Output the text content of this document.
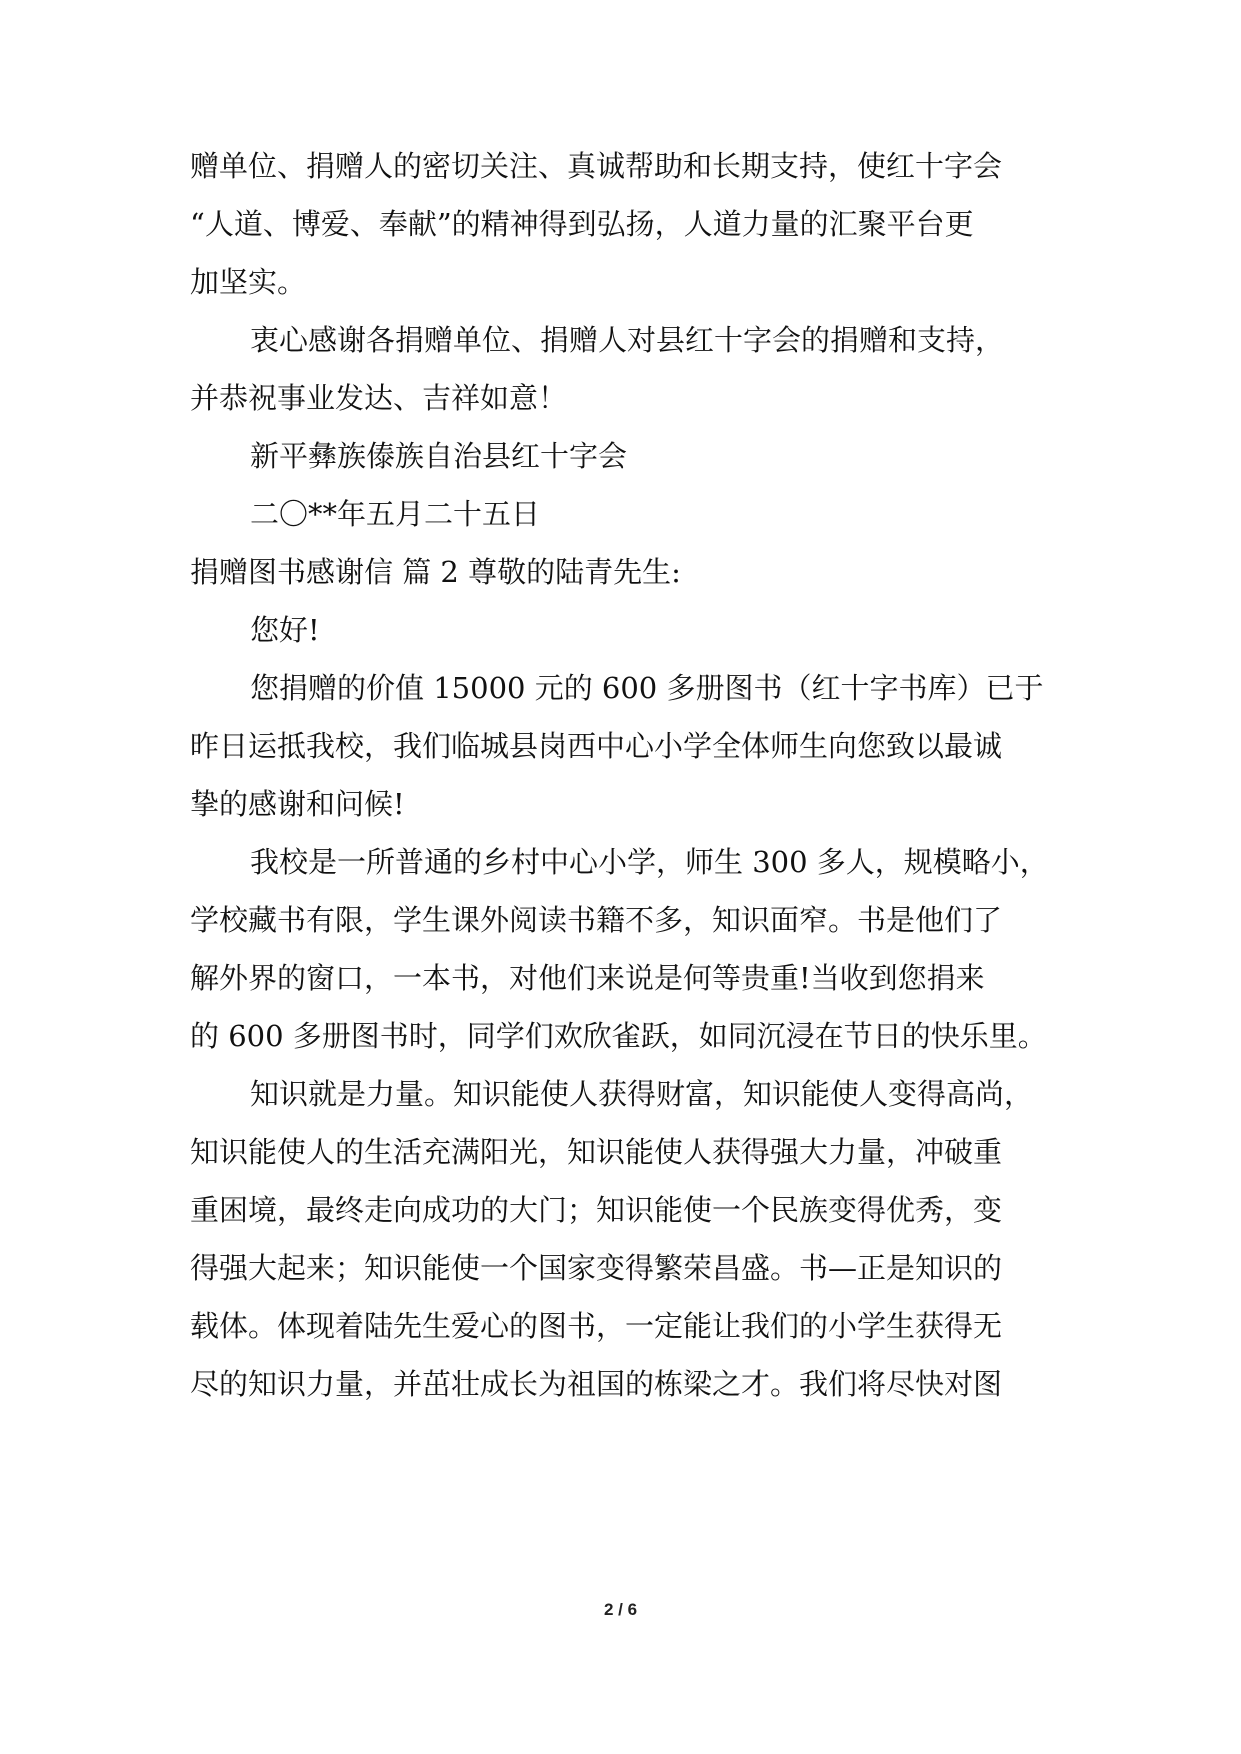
赠单位、捐赠人的密切关注、真诚帮助和长期支持，使红十字会
“人道、博爱、奉献”的精神得到弘扬，人道力量的汇聚平台更
加坚实。
衷心感谢各捐赠单位、捐赠人对县红十字会的捐赠和支持，
并恭祝事业发达、吉祥如意！
新平彝族傣族自治县红十字会
二〇**年五月二十五日
捐赠图书感谢信 篇 2 尊敬的陆青先生:
您好!
您捐赠的价值 15000 元的 600 多册图书（红十字书库）已于
昨日运抵我校，我们临城县岗西中心小学全体师生向您致以最诚
挚的感谢和问候!
我校是一所普通的乡村中心小学，师生 300 多人，规模略小，
学校藏书有限，学生课外阅读书籍不多，知识面窄。书是他们了
解外界的窗口，一本书，对他们来说是何等贵重!当收到您捐来
的 600 多册图书时，同学们欢欣雀跃，如同沉浸在节日的快乐里。
知识就是力量。知识能使人获得财富，知识能使人变得高尚，
知识能使人的生活充满阳光，知识能使人获得强大力量，冲破重
重困境，最终走向成功的大门；知识能使一个民族变得优秀，变
得强大起来；知识能使一个国家变得繁荣昌盛。书—正是知识的
载体。体现着陆先生爱心的图书，一定能让我们的小学生获得无
尽的知识力量，并茁壮成长为祖国的栋梁之才。我们将尽快对图
2 / 6
